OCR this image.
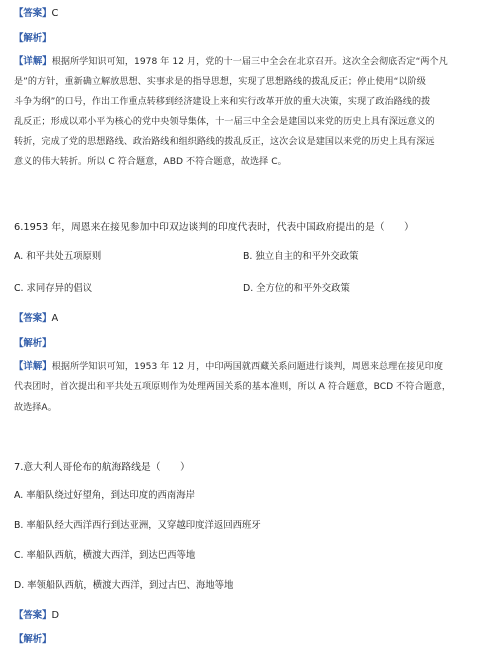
【答案】C
【解析】
【详解】根据所学知识可知，1978 年 12 月，党的十一届三中全会在北京召开。这次全会彻底否定“两个凡
是”的方针，重新确立解放思想、实事求是的指导思想，实现了思想路线的拨乱反正；停止使用“以阶级
斗争为纲”的口号，作出工作重点转移到经济建设上来和实行改革开放的重大决策，实现了政治路线的拨
乱反正；形成以邓小平为核心的党中央领导集体，十一届三中全会是建国以来党的历史上具有深远意义的
转折，完成了党的思想路线、政治路线和组织路线的拨乱反正，这次会议是建国以来党的历史上具有深远
意义的伟大转折。所以 C 符合题意，ABD 不符合题意，故选择 C。
6.1953 年，周恩来在接见参加中印双边谈判的印度代表时，代表中国政府提出的是（　　）
A. 和平共处五项原则	B. 独立自主的和平外交政策
C. 求同存异的倡议	D. 全方位的和平外交政策
【答案】A
【解析】
【详解】根据所学知识可知，1953 年 12 月，中印两国就西藏关系问题进行谈判，周恩来总理在接见印度
代表团时，首次提出和平共处五项原则作为处理两国关系的基本准则，所以 A 符合题意，BCD 不符合题意，
故选择A。
7.意大利人哥伦布的航海路线是（　　）
A. 率船队绕过好望角，到达印度的西南海岸
B. 率船队经大西洋西行到达亚洲，又穿越印度洋返回西班牙
C. 率船队西航，横渡大西洋，到达巴西等地
D. 率领船队西航，横渡大西洋，到过古巴、海地等地
【答案】D
【解析】
